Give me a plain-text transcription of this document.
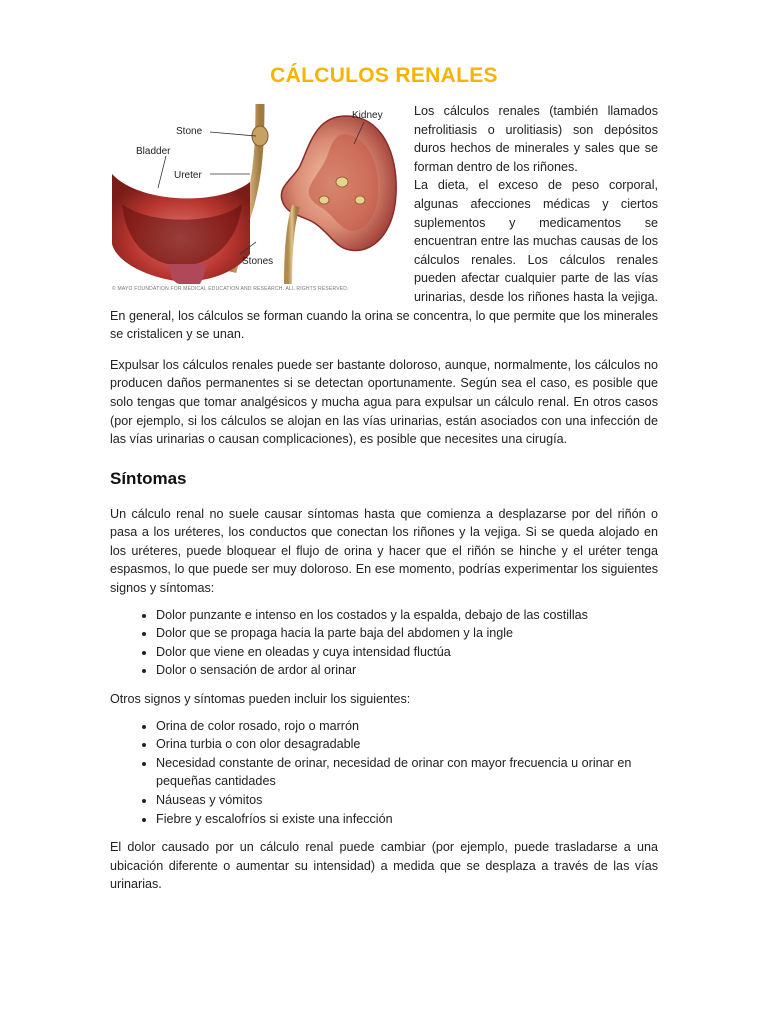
CÁLCULOS RENALES
Stone
Bladder
Ureter
Stones
Kidney
© MAYO FOUNDATION FOR MEDICAL EDUCATION AND RESEARCH. ALL RIGHTS RESERVED.

Los cálculos renales (también llamados nefrolitiasis o urolitiasis) son depósitos duros hechos de minerales y sales que se forman dentro de los riñones.

La dieta, el exceso de peso corporal, algunas afecciones médicas y ciertos suplementos y medicamentos se encuentran entre las muchas causas de los cálculos renales. Los cálculos renales pueden afectar cualquier parte de las vías urinarias, desde los riñones hasta la vejiga. En general, los cálculos se forman cuando la orina se concentra, lo que permite que los minerales se cristalicen y se unan.

Expulsar los cálculos renales puede ser bastante doloroso, aunque, normalmente, los cálculos no producen daños permanentes si se detectan oportunamente. Según sea el caso, es posible que solo tengas que tomar analgésicos y mucha agua para expulsar un cálculo renal. En otros casos (por ejemplo, si los cálculos se alojan en las vías urinarias, están asociados con una infección de las vías urinarias o causan complicaciones), es posible que necesites una cirugía.

Síntomas

Un cálculo renal no suele causar síntomas hasta que comienza a desplazarse por del riñón o pasa a los uréteres, los conductos que conectan los riñones y la vejiga. Si se queda alojado en los uréteres, puede bloquear el flujo de orina y hacer que el riñón se hinche y el uréter tenga espasmos, lo que puede ser muy doloroso. En ese momento, podrías experimentar los siguientes signos y síntomas:

• Dolor punzante e intenso en los costados y la espalda, debajo de las costillas
• Dolor que se propaga hacia la parte baja del abdomen y la ingle
• Dolor que viene en oleadas y cuya intensidad fluctúa
• Dolor o sensación de ardor al orinar

Otros signos y síntomas pueden incluir los siguientes:

• Orina de color rosado, rojo o marrón
• Orina turbia o con olor desagradable
• Necesidad constante de orinar, necesidad de orinar con mayor frecuencia u orinar en pequeñas cantidades
• Náuseas y vómitos
• Fiebre y escalofríos si existe una infección

El dolor causado por un cálculo renal puede cambiar (por ejemplo, puede trasladarse a una ubicación diferente o aumentar su intensidad) a medida que se desplaza a través de las vías urinarias.
